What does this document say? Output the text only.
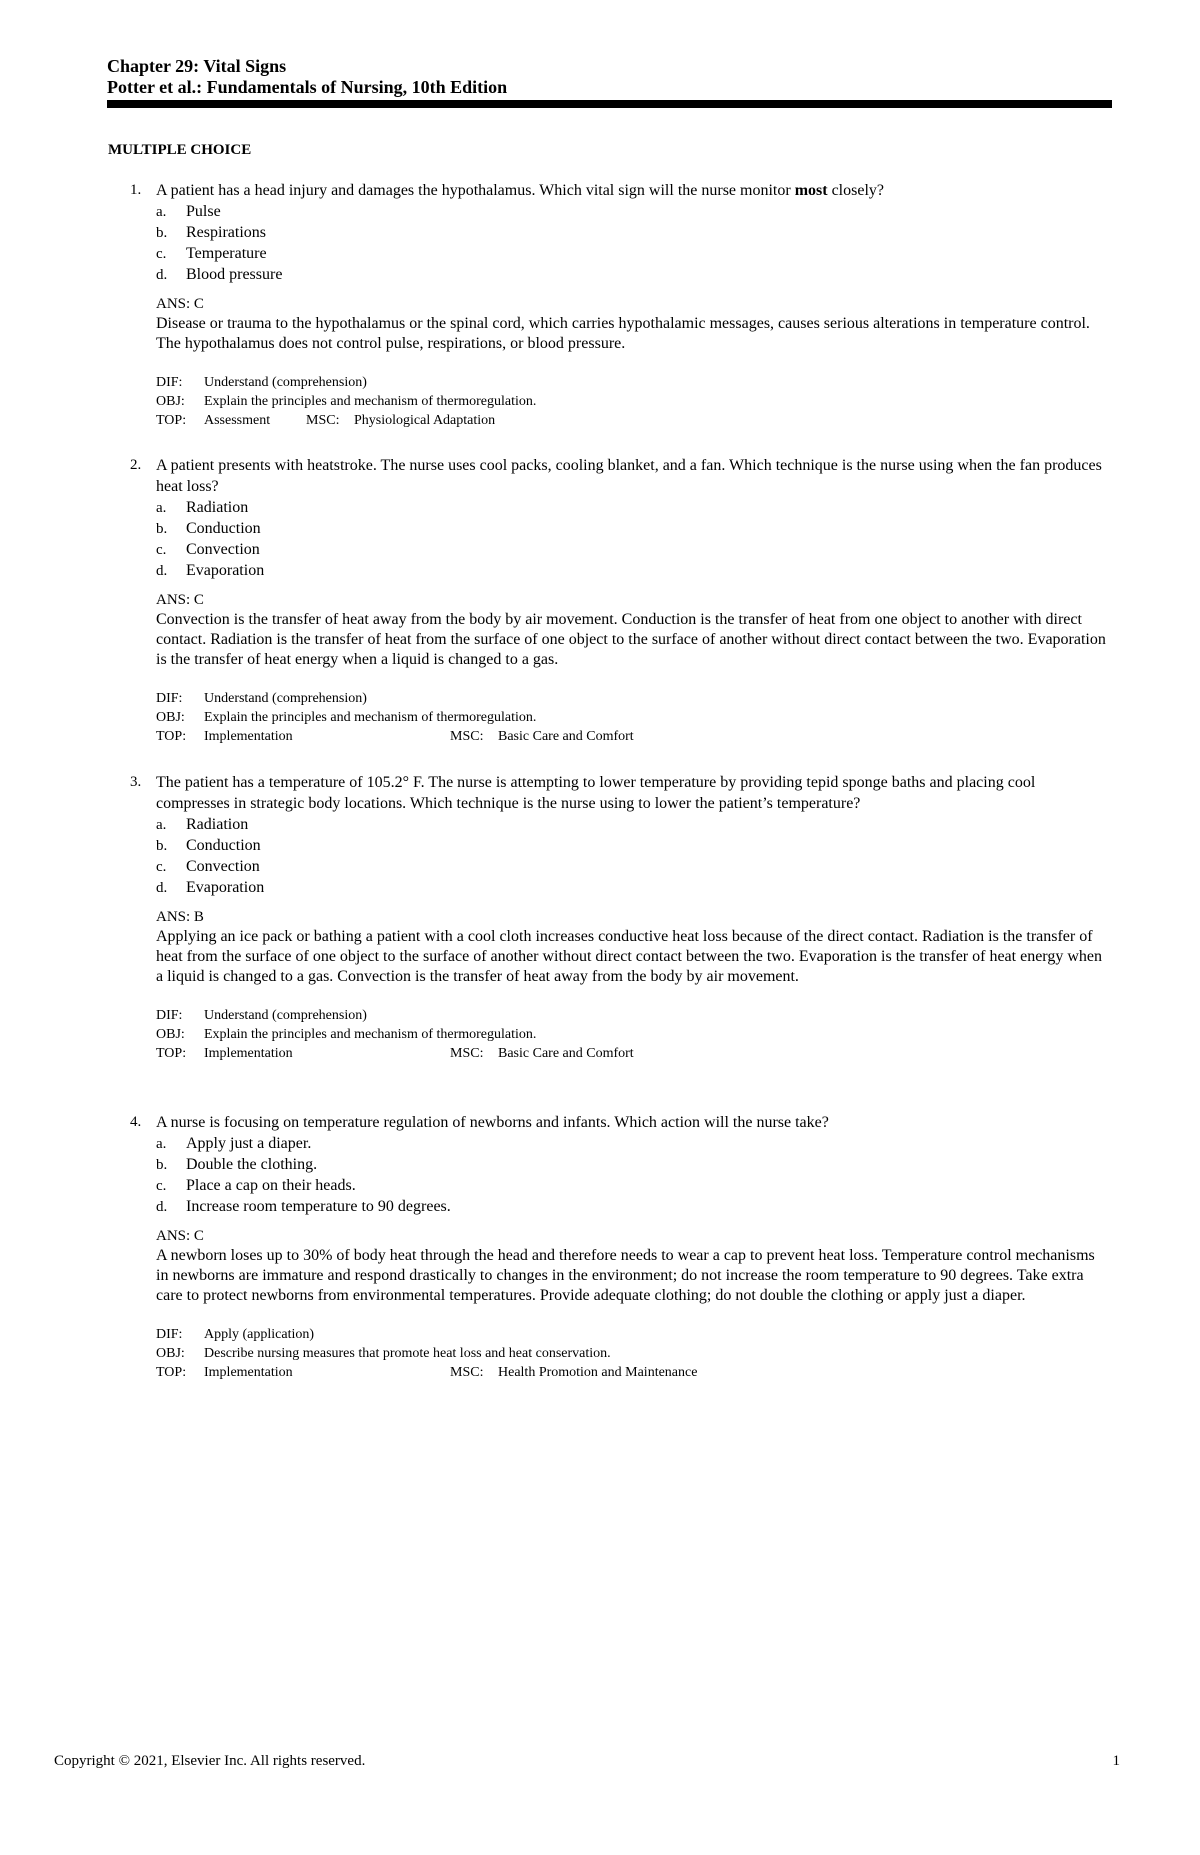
Chapter 29: Vital Signs
Potter et al.: Fundamentals of Nursing, 10th Edition
MULTIPLE CHOICE
1. A patient has a head injury and damages the hypothalamus. Which vital sign will the nurse monitor most closely?
a. Pulse
b. Respirations
c. Temperature
d. Blood pressure
ANS: C
Disease or trauma to the hypothalamus or the spinal cord, which carries hypothalamic messages, causes serious alterations in temperature control. The hypothalamus does not control pulse, respirations, or blood pressure.
DIF: Understand (comprehension)
OBJ: Explain the principles and mechanism of thermoregulation.
TOP: Assessment	MSC: Physiological Adaptation
2. A patient presents with heatstroke. The nurse uses cool packs, cooling blanket, and a fan. Which technique is the nurse using when the fan produces heat loss?
a. Radiation
b. Conduction
c. Convection
d. Evaporation
ANS: C
Convection is the transfer of heat away from the body by air movement. Conduction is the transfer of heat from one object to another with direct contact. Radiation is the transfer of heat from the surface of one object to the surface of another without direct contact between the two. Evaporation is the transfer of heat energy when a liquid is changed to a gas.
DIF: Understand (comprehension)
OBJ: Explain the principles and mechanism of thermoregulation.
TOP: Implementation	MSC: Basic Care and Comfort
3. The patient has a temperature of 105.2° F. The nurse is attempting to lower temperature by providing tepid sponge baths and placing cool compresses in strategic body locations. Which technique is the nurse using to lower the patient’s temperature?
a. Radiation
b. Conduction
c. Convection
d. Evaporation
ANS: B
Applying an ice pack or bathing a patient with a cool cloth increases conductive heat loss because of the direct contact. Radiation is the transfer of heat from the surface of one object to the surface of another without direct contact between the two. Evaporation is the transfer of heat energy when a liquid is changed to a gas. Convection is the transfer of heat away from the body by air movement.
DIF: Understand (comprehension)
OBJ: Explain the principles and mechanism of thermoregulation.
TOP: Implementation	MSC: Basic Care and Comfort
4. A nurse is focusing on temperature regulation of newborns and infants. Which action will the nurse take?
a. Apply just a diaper.
b. Double the clothing.
c. Place a cap on their heads.
d. Increase room temperature to 90 degrees.
ANS: C
A newborn loses up to 30% of body heat through the head and therefore needs to wear a cap to prevent heat loss. Temperature control mechanisms in newborns are immature and respond drastically to changes in the environment; do not increase the room temperature to 90 degrees. Take extra care to protect newborns from environmental temperatures. Provide adequate clothing; do not double the clothing or apply just a diaper.
DIF: Apply (application)
OBJ: Describe nursing measures that promote heat loss and heat conservation.
TOP: Implementation	MSC: Health Promotion and Maintenance
Copyright © 2021, Elsevier Inc. All rights reserved.	1
